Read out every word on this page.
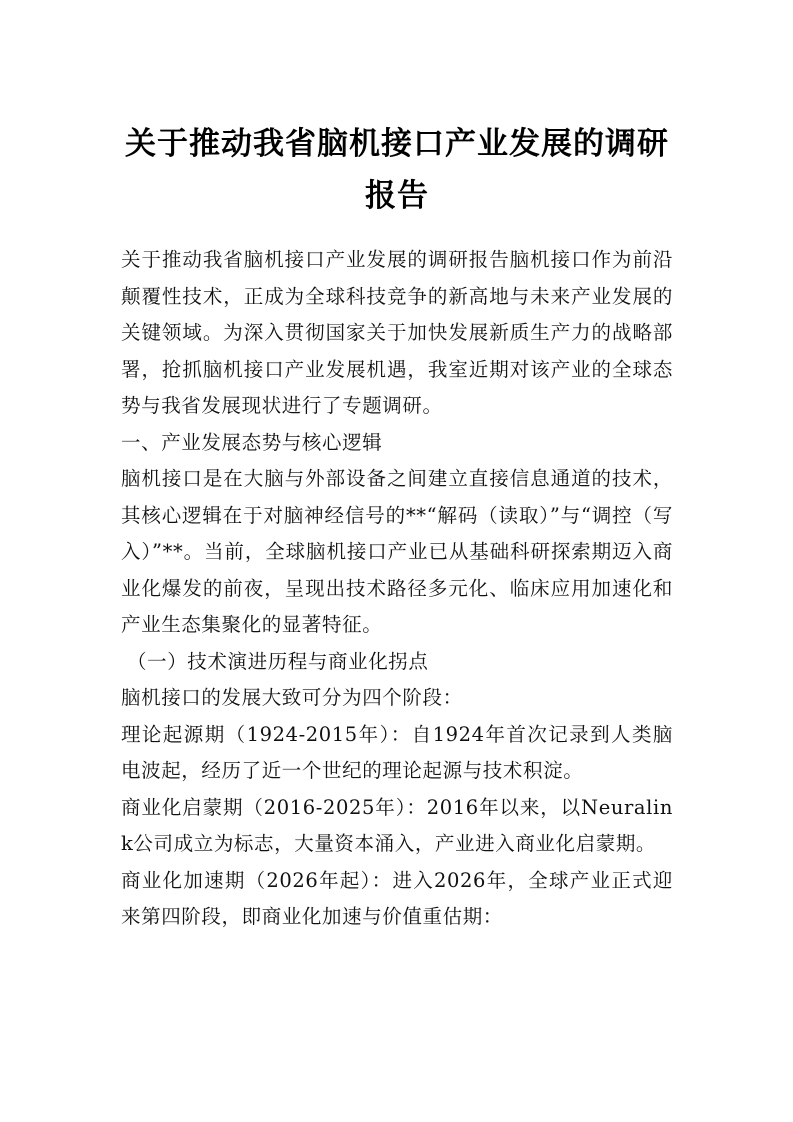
关于推动我省脑机接口产业发展的调研报告

关于推动我省脑机接口产业发展的调研报告脑机接口作为前沿颠覆性技术，正成为全球科技竞争的新高地与未来产业发展的关键领域。为深入贯彻国家关于加快发展新质生产力的战略部署，抢抓脑机接口产业发展机遇，我室近期对该产业的全球态势与我省发展现状进行了专题调研。

一、产业发展态势与核心逻辑

脑机接口是在大脑与外部设备之间建立直接信息通道的技术，其核心逻辑在于对脑神经信号的**“解码（读取）”与“调控（写入）”**。当前，全球脑机接口产业已从基础科研探索期迈入商业化爆发的前夜，呈现出技术路径多元化、临床应用加速化和产业生态集聚化的显著特征。

（一）技术演进历程与商业化拐点

脑机接口的发展大致可分为四个阶段：

理论起源期（1924-2015年）：自1924年首次记录到人类脑电波起，经历了近一个世纪的理论起源与技术积淀。

商业化启蒙期（2016-2025年）：2016年以来，以Neuralink公司成立为标志，大量资本涌入，产业进入商业化启蒙期。

商业化加速期（2026年起）：进入2026年，全球产业正式迎来第四阶段，即商业化加速与价值重估期：
